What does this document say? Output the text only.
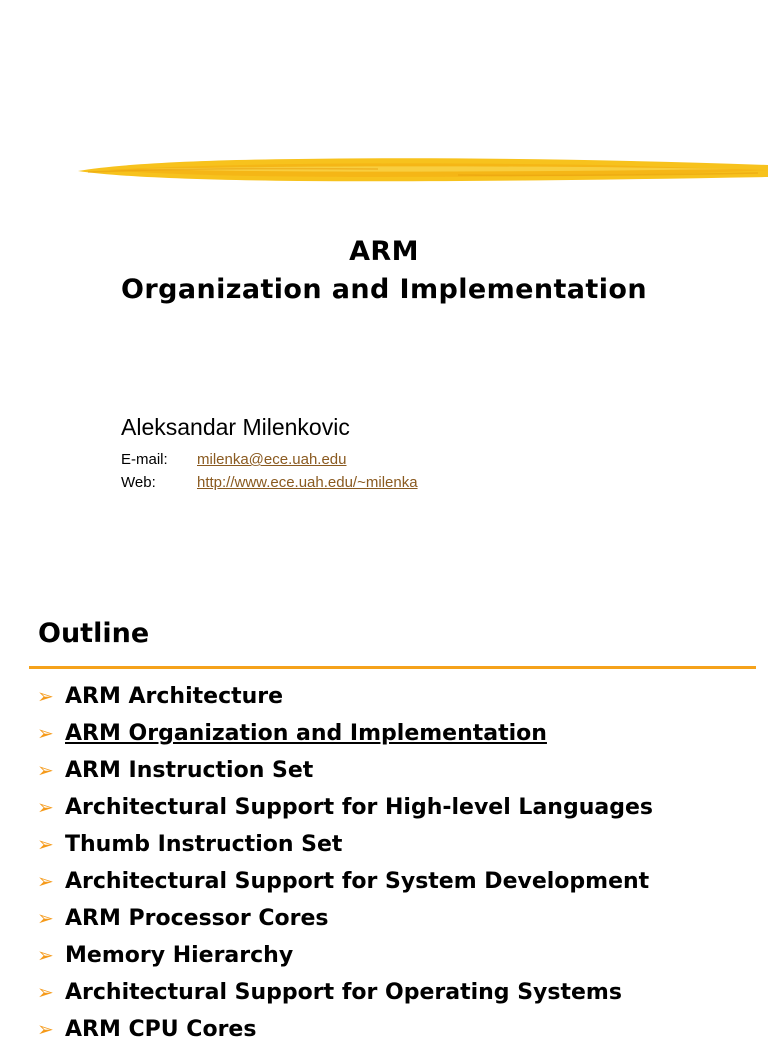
ARM
Organization and Implementation
Aleksandar Milenkovic
E-mail: milenka@ece.uah.edu
Web:	http://www.ece.uah.edu/~milenka
Outline
➢ ARM Architecture
➢ ARM Organization and Implementation
➢ ARM Instruction Set
➢ Architectural Support for High-level Languages
➢ Thumb Instruction Set
➢ Architectural Support for System Development
➢ ARM Processor Cores
➢ Memory Hierarchy
➢ Architectural Support for Operating Systems
➢ ARM CPU Cores
